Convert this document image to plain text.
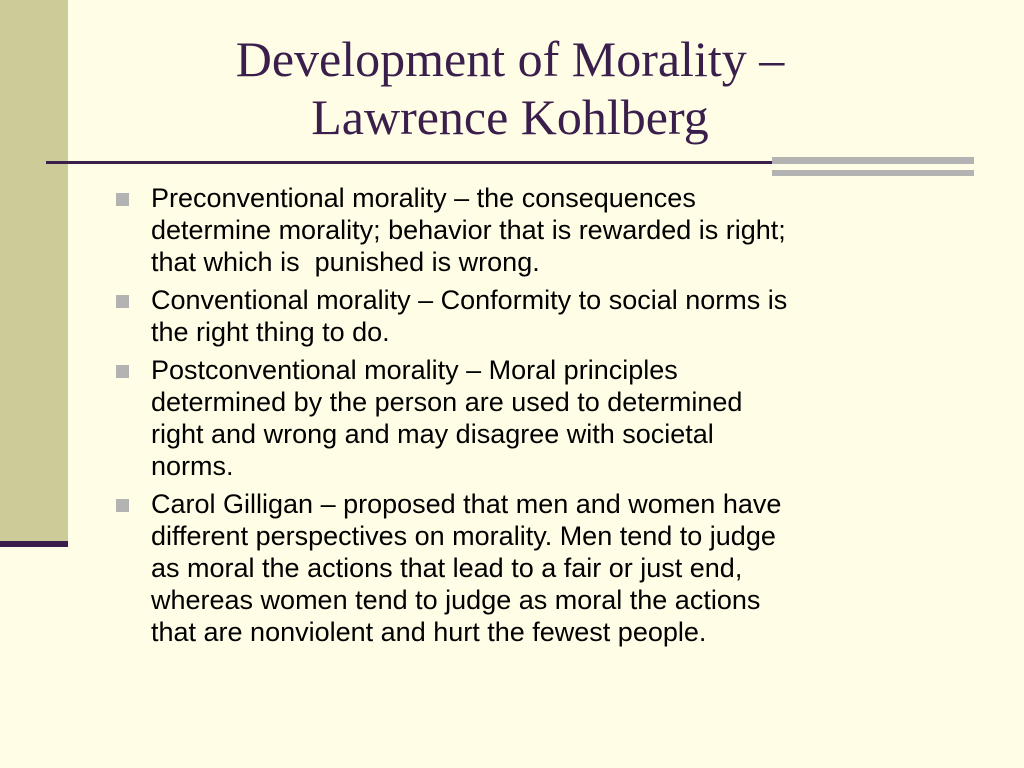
Development of Morality –
Lawrence Kohlberg
Preconventional morality – the consequences
determine morality; behavior that is rewarded is right;
that which is  punished is wrong.
Conventional morality – Conformity to social norms is
the right thing to do.
Postconventional morality – Moral principles
determined by the person are used to determined
right and wrong and may disagree with societal
norms.
Carol Gilligan – proposed that men and women have
different perspectives on morality. Men tend to judge
as moral the actions that lead to a fair or just end,
whereas women tend to judge as moral the actions
that are nonviolent and hurt the fewest people.
